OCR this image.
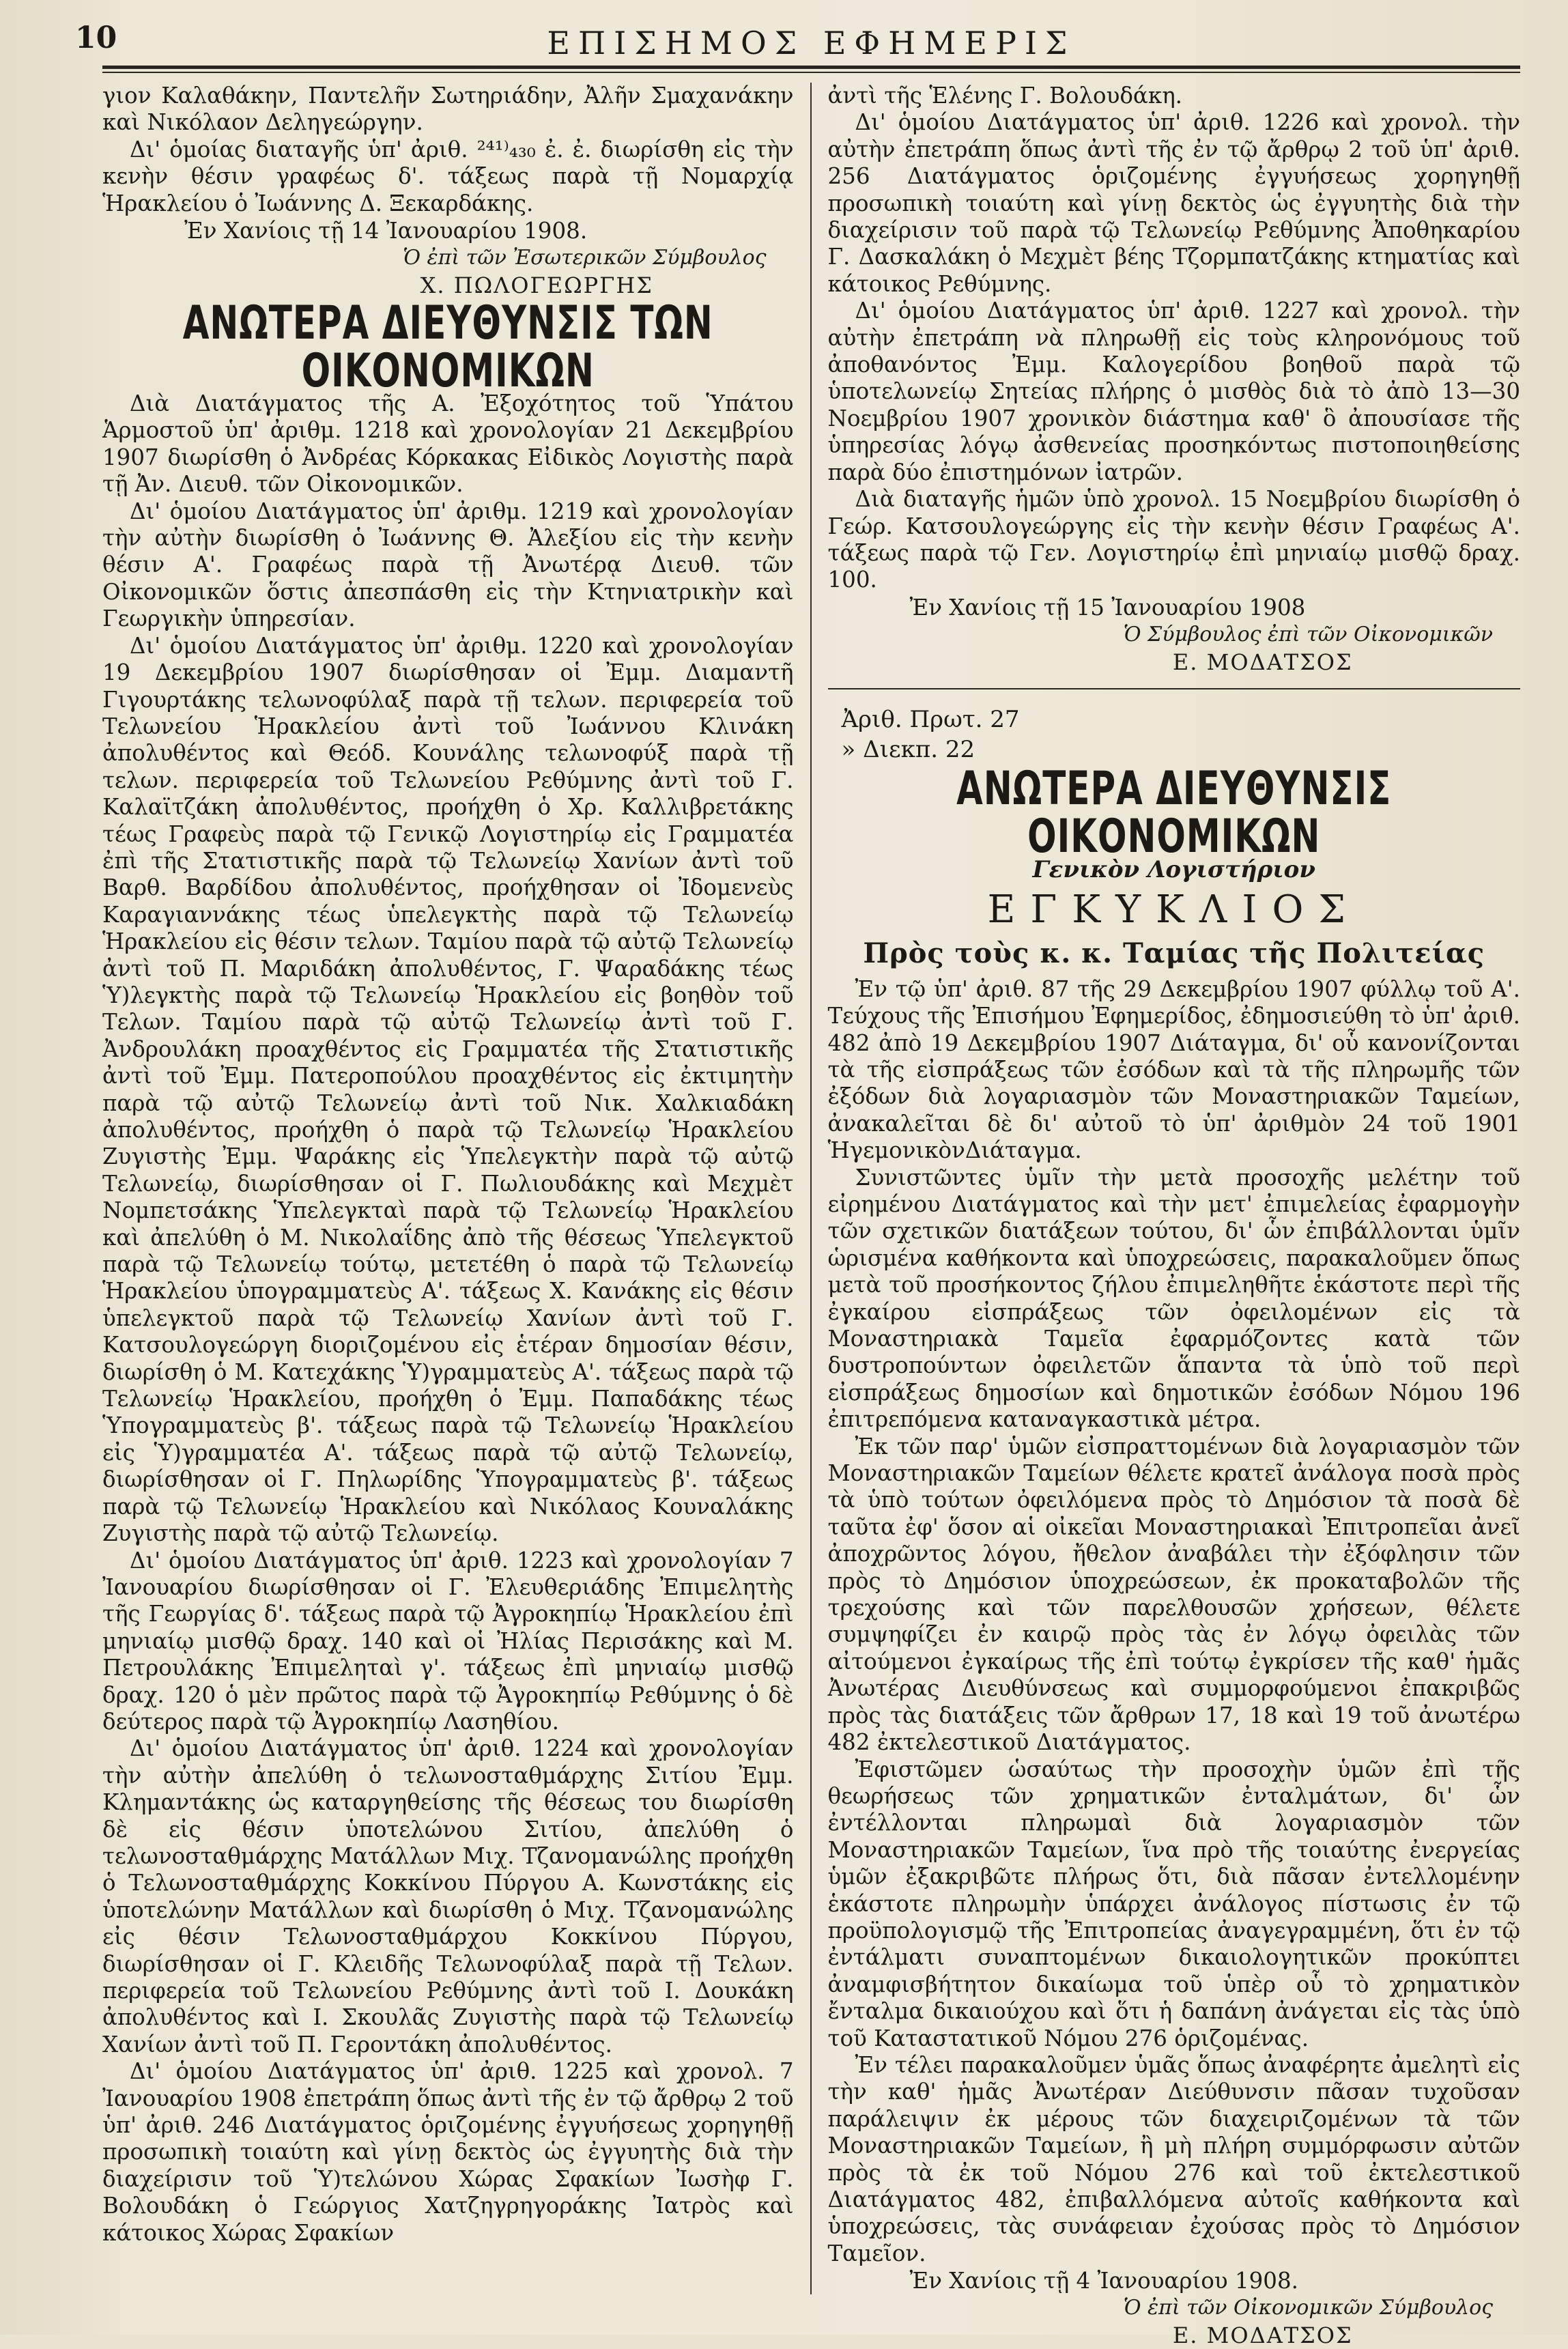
10	ΕΠΙΣΗΜΟΣ ΕΦΗΜΕΡΙΣ

γιον Καλαθάκην, Παντελῆν Σωτηριάδην, Ἀλῆν Σμαχανάκην καὶ Νικόλαον Δεληγεώργην.

Δι' ὁμοίας διαταγῆς ὑπ' ἀριθ. ²⁴¹⁾₄₃₀ ἐ. ἐ. διωρίσθη εἰς τὴν κενὴν θέσιν γραφέως δ'. τάξεως παρὰ τῇ Νομαρχίᾳ Ἡρακλείου ὁ Ἰωάννης Δ. Ξεκαρδάκης.

Ἐν Χανίοις τῇ 14 Ἰανουαρίου 1908.

Ὁ ἐπὶ τῶν Ἐσωτερικῶν Σύμβουλος

Χ. ΠΩΛΟΓΕΩΡΓΗΣ

ΑΝΩΤΕΡΑ ΔΙΕΥΘΥΝΣΙΣ ΤΩΝ ΟΙΚΟΝΟΜΙΚΩΝ

Διὰ Διατάγματος τῆς Α. Ἐξοχότητος τοῦ Ὑπάτου Ἁρμοστοῦ ὑπ' ἀριθμ. 1218 καὶ χρονολογίαν 21 Δεκεμβρίου 1907 διωρίσθη ὁ Ἀνδρέας Κόρκακας Εἰδικὸς Λογιστὴς παρὰ τῇ Ἀν. Διευθ. τῶν Οἰκονομικῶν.

Δι' ὁμοίου Διατάγματος ὑπ' ἀριθμ. 1219 καὶ χρονολογίαν τὴν αὐτὴν διωρίσθη ὁ Ἰωάννης Θ. Ἀλεξίου εἰς τὴν κενὴν θέσιν Α'. Γραφέως παρὰ τῇ Ἀνωτέρᾳ Διευθ. τῶν Οἰκονομικῶν ὅστις ἀπεσπάσθη εἰς τὴν Κτηνιατρικὴν καὶ Γεωργικὴν ὑπηρεσίαν.

Δι' ὁμοίου Διατάγματος ὑπ' ἀριθμ. 1220 καὶ χρονολογίαν 19 Δεκεμβρίου 1907 διωρίσθησαν οἱ Ἐμμ. Διαμαντῆ Γιγουρτάκης τελωνοφύλαξ παρὰ τῇ τελων. περιφερεία τοῦ Τελωνείου Ἡρακλείου ἀντὶ τοῦ Ἰωάννου Κλινάκη ἀπολυθέντος καὶ Θεόδ. Κουνάλης τελωνοφύξ παρὰ τῇ τελων. περιφερεία τοῦ Τελωνείου Ρεθύμνης ἀντὶ τοῦ Γ. Καλαϊτζάκη ἀπολυθέντος, προήχθη ὁ Χρ. Καλλιβρετάκης τέως Γραφεὺς παρὰ τῷ Γενικῷ Λογιστηρίῳ εἰς Γραμματέα ἐπὶ τῆς Στατιστικῆς παρὰ τῷ Τελωνείῳ Χανίων ἀντὶ τοῦ Βαρθ. Βαρδίδου ἀπολυθέντος, προήχθησαν οἱ Ἰδομενεὺς Καραγιαννάκης τέως ὑπελεγκτὴς παρὰ τῷ Τελωνείῳ Ἡρακλείου εἰς θέσιν τελων. Ταμίου παρὰ τῷ αὐτῷ Τελωνείῳ ἀντὶ τοῦ Π. Μαριδάκη ἀπολυθέντος, Γ. Ψαραδάκης τέως Ὑ)λεγκτὴς παρὰ τῷ Τελωνείῳ Ἡρακλείου εἰς βοηθὸν τοῦ Τελων. Ταμίου παρὰ τῷ αὐτῷ Τελωνείῳ ἀντὶ τοῦ Γ. Ἀνδρουλάκη προαχθέντος εἰς Γραμματέα τῆς Στατιστικῆς ἀντὶ τοῦ Ἐμμ. Πατεροπούλου προαχθέντος εἰς ἐκτιμητὴν παρὰ τῷ αὐτῷ Τελωνείῳ ἀντὶ τοῦ Νικ. Χαλκιαδάκη ἀπολυθέντος, προήχθη ὁ παρὰ τῷ Τελωνείῳ Ἡρακλείου Ζυγιστὴς Ἐμμ. Ψαράκης εἰς Ὑπελεγκτὴν παρὰ τῷ αὐτῷ Τελωνείῳ, διωρίσθησαν οἱ Γ. Πωλιουδάκης καὶ Μεχμὲτ Νομπετσάκης Ὑπελεγκταὶ παρὰ τῷ Τελωνείῳ Ἡρακλείου καὶ ἀπελύθη ὁ Μ. Νικολαΐδης ἀπὸ τῆς θέσεως Ὑπελεγκτοῦ παρὰ τῷ Τελωνείῳ τούτῳ, μετετέθη ὁ παρὰ τῷ Τελωνείῳ Ἡρακλείου ὑπογραμματεὺς Α'. τάξεως Χ. Κανάκης εἰς θέσιν ὑπελεγκτοῦ παρὰ τῷ Τελωνείῳ Χανίων ἀντὶ τοῦ Γ. Κατσουλογεώργη διοριζομένου εἰς ἑτέραν δημοσίαν θέσιν, διωρίσθη ὁ Μ. Κατεχάκης Ὑ)γραμματεὺς Α'. τάξεως παρὰ τῷ Τελωνείῳ Ἡρακλείου, προήχθη ὁ Ἐμμ. Παπαδάκης τέως Ὑπογραμματεὺς β'. τάξεως παρὰ τῷ Τελωνείῳ Ἡρακλείου εἰς Ὑ)γραμματέα Α'. τάξεως παρὰ τῷ αὐτῷ Τελωνείῳ, διωρίσθησαν οἱ Γ. Πηλωρίδης Ὑπογραμματεὺς β'. τάξεως παρὰ τῷ Τελωνείῳ Ἡρακλείου καὶ Νικόλαος Κουναλάκης Ζυγιστὴς παρὰ τῷ αὐτῷ Τελωνείῳ.

Δι' ὁμοίου Διατάγματος ὑπ' ἀριθ. 1223 καὶ χρονολογίαν 7 Ἰανουαρίου διωρίσθησαν οἱ Γ. Ἐλευθεριάδης Ἐπιμελητὴς τῆς Γεωργίας δ'. τάξεως παρὰ τῷ Ἀγροκηπίῳ Ἡρακλείου ἐπὶ μηνιαίῳ μισθῷ δραχ. 140 καὶ οἱ Ἠλίας Περισάκης καὶ Μ. Πετρουλάκης Ἐπιμεληταὶ γ'. τάξεως ἐπὶ μηνιαίῳ μισθῷ δραχ. 120 ὁ μὲν πρῶτος παρὰ τῷ Ἀγροκηπίῳ Ρεθύμνης ὁ δὲ δεύτερος παρὰ τῷ Ἀγροκηπίῳ Λασηθίου.

Δι' ὁμοίου Διατάγματος ὑπ' ἀριθ. 1224 καὶ χρονολογίαν τὴν αὐτὴν ἀπελύθη ὁ τελωνοσταθμάρχης Σιτίου Ἐμμ. Κλημαντάκης ὡς καταργηθείσης τῆς θέσεως του διωρίσθη δὲ εἰς θέσιν ὑποτελώνου Σιτίου, ἀπελύθη ὁ τελωνοσταθμάρχης Ματάλλων Μιχ. Τζανομανώλης προήχθη ὁ Τελωνοσταθμάρχης Κοκκίνου Πύργου Α. Κωνστάκης εἰς ὑποτελώνην Ματάλλων καὶ διωρίσθη ὁ Μιχ. Τζανομανώλης εἰς θέσιν Τελωνοσταθμάρχου Κοκκίνου Πύργου, διωρίσθησαν οἱ Γ. Κλειδῆς Τελωνοφύλαξ παρὰ τῇ Τελων. περιφερεία τοῦ Τελωνείου Ρεθύμνης ἀντὶ τοῦ Ι. Δουκάκη ἀπολυθέντος καὶ Ι. Σκουλᾶς Ζυγιστὴς παρὰ τῷ Τελωνείῳ Χανίων ἀντὶ τοῦ Π. Γεροντάκη ἀπολυθέντος.

Δι' ὁμοίου Διατάγματος ὑπ' ἀριθ. 1225 καὶ χρονολ. 7 Ἰανουαρίου 1908 ἐπετράπη ὅπως ἀντὶ τῆς ἐν τῷ ἄρθρῳ 2 τοῦ ὑπ' ἀριθ. 246 Διατάγματος ὁριζομένης ἐγγυήσεως χορηγηθῇ προσωπικὴ τοιαύτη καὶ γίνῃ δεκτὸς ὡς ἐγγυητὴς διὰ τὴν διαχείρισιν τοῦ Ὑ)τελώνου Χώρας Σφακίων Ἰωσὴφ Γ. Βολουδάκη ὁ Γεώργιος Χατζηγρηγοράκης Ἰατρὸς καὶ κάτοικος Χώρας Σφακίων

ἀντὶ τῆς Ἑλένης Γ. Βολουδάκη.

Δι' ὁμοίου Διατάγματος ὑπ' ἀριθ. 1226 καὶ χρονολ. τὴν αὐτὴν ἐπετράπη ὅπως ἀντὶ τῆς ἐν τῷ ἄρθρῳ 2 τοῦ ὑπ' ἀριθ. 256 Διατάγματος ὁριζομένης ἐγγυήσεως χορηγηθῇ προσωπικὴ τοιαύτη καὶ γίνῃ δεκτὸς ὡς ἐγγυητὴς διὰ τὴν διαχείρισιν τοῦ παρὰ τῷ Τελωνείῳ Ρεθύμνης Ἀποθηκαρίου Γ. Δασκαλάκη ὁ Μεχμὲτ βέης Τζορμπατζάκης κτηματίας καὶ κάτοικος Ρεθύμνης.

Δι' ὁμοίου Διατάγματος ὑπ' ἀριθ. 1227 καὶ χρονολ. τὴν αὐτὴν ἐπετράπη νὰ πληρωθῇ εἰς τοὺς κληρονόμους τοῦ ἀποθανόντος Ἐμμ. Καλογερίδου βοηθοῦ παρὰ τῷ ὑποτελωνείῳ Σητείας πλήρης ὁ μισθὸς διὰ τὸ ἀπὸ 13—30 Νοεμβρίου 1907 χρονικὸν διάστημα καθ' ὃ ἀπουσίασε τῆς ὑπηρεσίας λόγῳ ἀσθενείας προσηκόντως πιστοποιηθείσης παρὰ δύο ἐπιστημόνων ἰατρῶν.

Διὰ διαταγῆς ἡμῶν ὑπὸ χρονολ. 15 Νοεμβρίου διωρίσθη ὁ Γεώρ. Κατσουλογεώργης εἰς τὴν κενὴν θέσιν Γραφέως Α'. τάξεως παρὰ τῷ Γεν. Λογιστηρίῳ ἐπὶ μηνιαίῳ μισθῷ δραχ. 100.

Ἐν Χανίοις τῇ 15 Ἰανουαρίου 1908

Ὁ Σύμβουλος ἐπὶ τῶν Οἰκονομικῶν

Ε. ΜΟΔΑΤΣΟΣ

Ἀριθ. Πρωτ. 27

» Διεκπ. 22

ΑΝΩΤΕΡΑ ΔΙΕΥΘΥΝΣΙΣ ΟΙΚΟΝΟΜΙΚΩΝ

Γενικὸν Λογιστήριον

ΕΓΚΥΚΛΙΟΣ

Πρὸς τοὺς κ. κ. Ταμίας τῆς Πολιτείας

Ἐν τῷ ὑπ' ἀριθ. 87 τῆς 29 Δεκεμβρίου 1907 φύλλῳ τοῦ Α'. Τεύχους τῆς Ἐπισήμου Ἐφημερίδος, ἐδημοσιεύθη τὸ ὑπ' ἀριθ. 482 ἀπὸ 19 Δεκεμβρίου 1907 Διάταγμα, δι' οὗ κανονίζονται τὰ τῆς εἰσπράξεως τῶν ἐσόδων καὶ τὰ τῆς πληρωμῆς τῶν ἐξόδων διὰ λογαριασμὸν τῶν Μοναστηριακῶν Ταμείων, ἀνακαλεῖται δὲ δι' αὐτοῦ τὸ ὑπ' ἀριθμὸν 24 τοῦ 1901 ἩγεμονικὸνΔιάταγμα.

Συνιστῶντες ὑμῖν τὴν μετὰ προσοχῆς μελέτην τοῦ εἰρημένου Διατάγματος καὶ τὴν μετ' ἐπιμελείας ἐφαρμογὴν τῶν σχετικῶν διατάξεων τούτου, δι' ὧν ἐπιβάλλονται ὑμῖν ὡρισμένα καθήκοντα καὶ ὑποχρεώσεις, παρακαλοῦμεν ὅπως μετὰ τοῦ προσήκοντος ζήλου ἐπιμεληθῆτε ἑκάστοτε περὶ τῆς ἐγκαίρου εἰσπράξεως τῶν ὀφειλομένων εἰς τὰ Μοναστηριακὰ Ταμεῖα ἐφαρμόζοντες κατὰ τῶν δυστροπούντων ὀφειλετῶν ἅπαντα τὰ ὑπὸ τοῦ περὶ εἰσπράξεως δημοσίων καὶ δημοτικῶν ἐσόδων Νόμου 196 ἐπιτρεπόμενα καταναγκαστικὰ μέτρα.

Ἐκ τῶν παρ' ὑμῶν εἰσπραττομένων διὰ λογαριασμὸν τῶν Μοναστηριακῶν Ταμείων θέλετε κρατεῖ ἀνάλογα ποσὰ πρὸς τὰ ὑπὸ τούτων ὀφειλόμενα πρὸς τὸ Δημόσιον τὰ ποσὰ δὲ ταῦτα ἐφ' ὅσον αἱ οἰκεῖαι Μοναστηριακαὶ Ἐπιτροπεῖαι ἀνεῖ ἀποχρῶντος λόγου, ἤθελον ἀναβάλει τὴν ἐξόφλησιν τῶν πρὸς τὸ Δημόσιον ὑποχρεώσεων, ἐκ προκαταβολῶν τῆς τρεχούσης καὶ τῶν παρελθουσῶν χρήσεων, θέλετε συμψηφίζει ἐν καιρῷ πρὸς τὰς ἐν λόγῳ ὀφειλὰς τῶν αἰτούμενοι ἐγκαίρως τῆς ἐπὶ τούτῳ ἐγκρίσεν τῆς καθ' ἡμᾶς Ἀνωτέρας Διευθύνσεως καὶ συμμορφούμενοι ἐπακριβῶς πρὸς τὰς διατάξεις τῶν ἄρθρων 17, 18 καὶ 19 τοῦ ἀνωτέρω 482 ἐκτελεστικοῦ Διατάγματος.

Ἐφιστῶμεν ὡσαύτως τὴν προσοχὴν ὑμῶν ἐπὶ τῆς θεωρήσεως τῶν χρηματικῶν ἐνταλμάτων, δι' ὧν ἐντέλλονται πληρωμαὶ διὰ λογαριασμὸν τῶν Μοναστηριακῶν Ταμείων, ἵνα πρὸ τῆς τοιαύτης ἐνεργείας ὑμῶν ἐξακριβῶτε πλήρως ὅτι, διὰ πᾶσαν ἐντελλομένην ἑκάστοτε πληρωμὴν ὑπάρχει ἀνάλογος πίστωσις ἐν τῷ προϋπολογισμῷ τῆς Ἐπιτροπείας ἀναγεγραμμένη, ὅτι ἐν τῷ ἐντάλματι συναπτομένων δικαιολογητικῶν προκύπτει ἀναμφισβήτητον δικαίωμα τοῦ ὑπὲρ οὗ τὸ χρηματικὸν ἔνταλμα δικαιούχου καὶ ὅτι ἡ δαπάνη ἀνάγεται εἰς τὰς ὑπὸ τοῦ Καταστατικοῦ Νόμου 276 ὁριζομένας.

Ἐν τέλει παρακαλοῦμεν ὑμᾶς ὅπως ἀναφέρητε ἀμελητὶ εἰς τὴν καθ' ἡμᾶς Ἀνωτέραν Διεύθυνσιν πᾶσαν τυχοῦσαν παράλειψιν ἐκ μέρους τῶν διαχειριζομένων τὰ τῶν Μοναστηριακῶν Ταμείων, ἢ μὴ πλήρη συμμόρφωσιν αὐτῶν πρὸς τὰ ἐκ τοῦ Νόμου 276 καὶ τοῦ ἐκτελεστικοῦ Διατάγματος 482, ἐπιβαλλόμενα αὐτοῖς καθήκοντα καὶ ὑποχρεώσεις, τὰς συνάφειαν ἐχούσας πρὸς τὸ Δημόσιον Ταμεῖον.

Ἐν Χανίοις τῇ 4 Ἰανουαρίου 1908.

Ὁ ἐπὶ τῶν Οἰκονομικῶν Σύμβουλος

Ε. ΜΟΔΑΤΣΟΣ
